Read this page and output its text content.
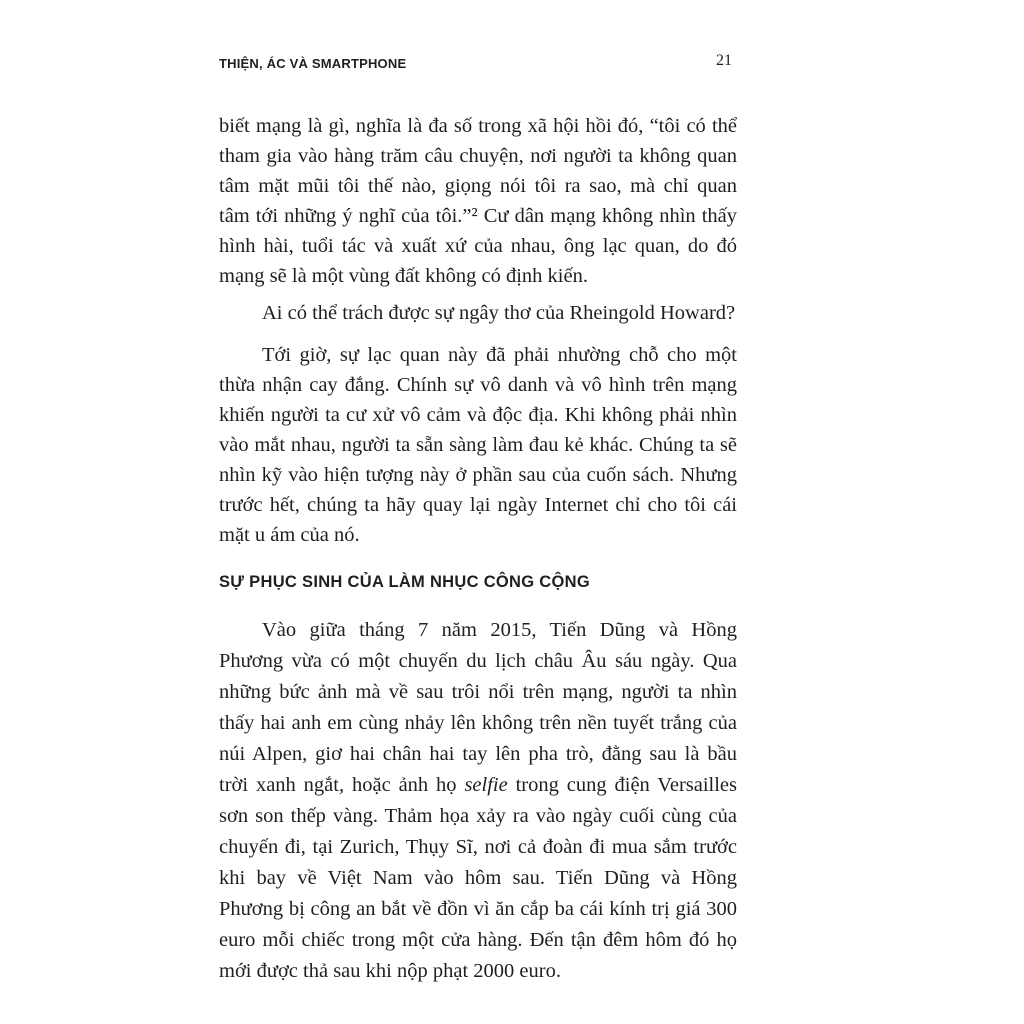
THIỆN, ÁC VÀ SMARTPHONE	21
biết mạng là gì, nghĩa là đa số trong xã hội hồi đó, “tôi có thể
tham gia vào hàng trăm câu chuyện, nơi người ta không quan
tâm mặt mũi tôi thế nào, giọng nói tôi ra sao, mà chỉ quan
tâm tới những ý nghĩ của tôi.”² Cư dân mạng không nhìn thấy
hình hài, tuổi tác và xuất xứ của nhau, ông lạc quan, do đó
mạng sẽ là một vùng đất không có định kiến.
Ai có thể trách được sự ngây thơ của Rheingold Howard?
Tới giờ, sự lạc quan này đã phải nhường chỗ cho một
thừa nhận cay đắng. Chính sự vô danh và vô hình trên mạng
khiến người ta cư xử vô cảm và độc địa. Khi không phải nhìn
vào mắt nhau, người ta sẵn sàng làm đau kẻ khác. Chúng ta sẽ
nhìn kỹ vào hiện tượng này ở phần sau của cuốn sách. Nhưng
trước hết, chúng ta hãy quay lại ngày Internet chỉ cho tôi cái
mặt u ám của nó.
SỰ PHỤC SINH CỦA LÀM NHỤC CÔNG CỘNG
Vào giữa tháng 7 năm 2015, Tiến Dũng và Hồng
Phương vừa có một chuyến du lịch châu Âu sáu ngày. Qua
những bức ảnh mà về sau trôi nổi trên mạng, người ta nhìn
thấy hai anh em cùng nhảy lên không trên nền tuyết trắng của
núi Alpen, giơ hai chân hai tay lên pha trò, đằng sau là bầu
trời xanh ngắt, hoặc ảnh họ selfie trong cung điện Versailles
sơn son thếp vàng. Thảm họa xảy ra vào ngày cuối cùng của
chuyến đi, tại Zurich, Thụy Sĩ, nơi cả đoàn đi mua sắm trước
khi bay về Việt Nam vào hôm sau. Tiến Dũng và Hồng
Phương bị công an bắt về đồn vì ăn cắp ba cái kính trị giá 300
euro mỗi chiếc trong một cửa hàng. Đến tận đêm hôm đó họ
mới được thả sau khi nộp phạt 2000 euro.
